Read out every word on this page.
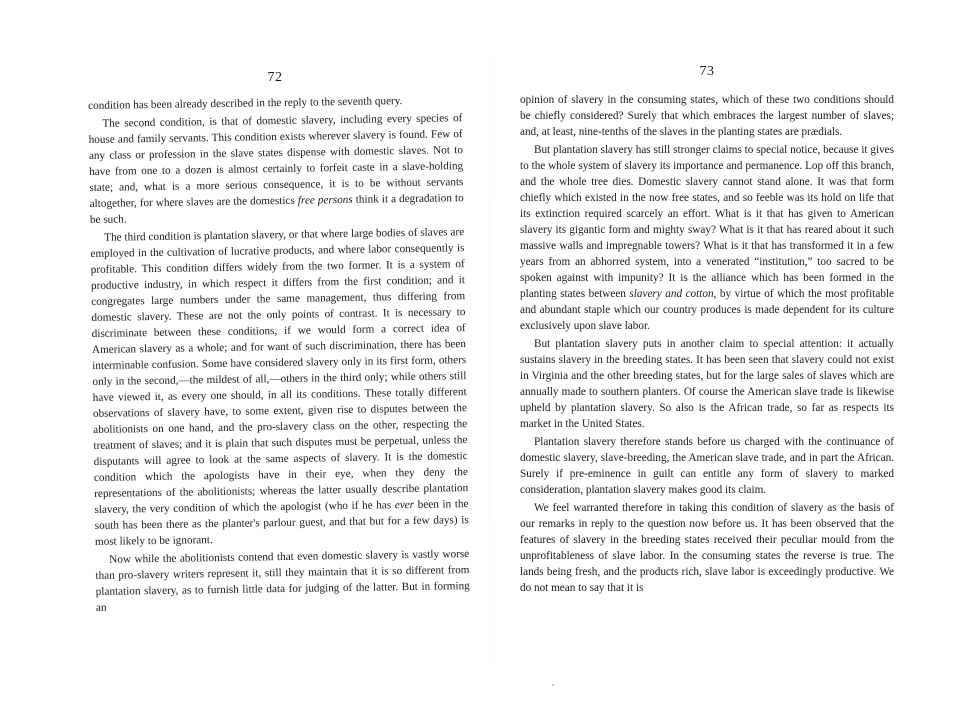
72

condition has been already described in the reply to the seventh query.

The second condition, is that of domestic slavery, including every species of house and family servants. This condition exists wherever slavery is found. Few of any class or profession in the slave states dispense with domestic slaves. Not to have from one to a dozen is almost certainly to forfeit caste in a slave-holding state; and, what is a more serious consequence, it is to be without servants altogether, for where slaves are the domestics free persons think it a degradation to be such.

The third condition is plantation slavery, or that where large bodies of slaves are employed in the cultivation of lucrative products, and where labor consequently is profitable. This condition differs widely from the two former. It is a system of productive industry, in which respect it differs from the first condition; and it congregates large numbers under the same management, thus differing from domestic slavery. These are not the only points of contrast. It is necessary to discriminate between these conditions, if we would form a correct idea of American slavery as a whole; and for want of such discrimination, there has been interminable confusion. Some have considered slavery only in its first form, others only in the second,—the mildest of all,—others in the third only; while others still have viewed it, as every one should, in all its conditions. These totally different observations of slavery have, to some extent, given rise to disputes between the abolitionists on one hand, and the pro-slavery class on the other, respecting the treatment of slaves; and it is plain that such disputes must be perpetual, unless the disputants will agree to look at the same aspects of slavery. It is the domestic condition which the apologists have in their eye, when they deny the representations of the abolitionists; whereas the latter usually describe plantation slavery, the very condition of which the apologist (who if he has ever been in the south has been there as the planter's parlour guest, and that but for a few days) is most likely to be ignorant.

Now while the abolitionists contend that even domestic slavery is vastly worse than pro-slavery writers represent it, still they maintain that it is so different from plantation slavery, as to furnish little data for judging of the latter. But in forming an

73

opinion of slavery in the consuming states, which of these two conditions should be chiefly considered? Surely that which embraces the largest number of slaves; and, at least, nine-tenths of the slaves in the planting states are prædials.

But plantation slavery has still stronger claims to special notice, because it gives to the whole system of slavery its importance and permanence. Lop off this branch, and the whole tree dies. Domestic slavery cannot stand alone. It was that form chiefly which existed in the now free states, and so feeble was its hold on life that its extinction required scarcely an effort. What is it that has given to American slavery its gigantic form and mighty sway? What is it that has reared about it such massive walls and impregnable towers? What is it that has transformed it in a few years from an abhorred system, into a venerated “institution,” too sacred to be spoken against with impunity? It is the alliance which has been formed in the planting states between slavery and cotton, by virtue of which the most profitable and abundant staple which our country produces is made dependent for its culture exclusively upon slave labor.

But plantation slavery puts in another claim to special attention: it actually sustains slavery in the breeding states. It has been seen that slavery could not exist in Virginia and the other breeding states, but for the large sales of slaves which are annually made to southern planters. Of course the American slave trade is likewise upheld by plantation slavery. So also is the African trade, so far as respects its market in the United States.

Plantation slavery therefore stands before us charged with the continuance of domestic slavery, slave-breeding, the American slave trade, and in part the African. Surely if pre-eminence in guilt can entitle any form of slavery to marked consideration, plantation slavery makes good its claim.

We feel warranted therefore in taking this condition of slavery as the basis of our remarks in reply to the question now before us. It has been observed that the features of slavery in the breeding states received their peculiar mould from the unprofitableness of slave labor. In the consuming states the reverse is true. The lands being fresh, and the products rich, slave labor is exceedingly productive. We do not mean to say that it is
